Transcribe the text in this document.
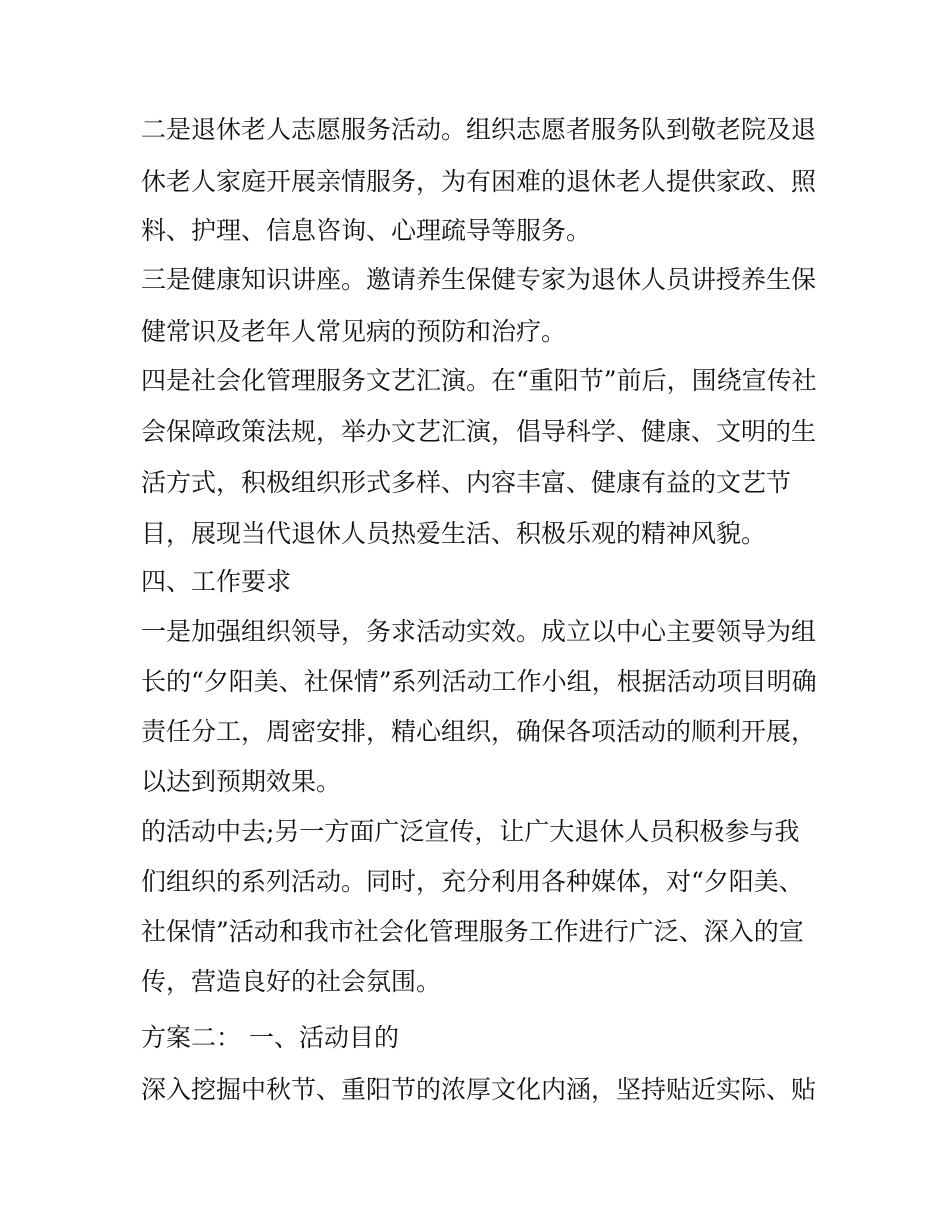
二是退休老人志愿服务活动。组织志愿者服务队到敬老院及退
休老人家庭开展亲情服务，为有困难的退休老人提供家政、照
料、护理、信息咨询、心理疏导等服务。
三是健康知识讲座。邀请养生保健专家为退休人员讲授养生保
健常识及老年人常见病的预防和治疗。
四是社会化管理服务文艺汇演。在“重阳节”前后，围绕宣传社
会保障政策法规，举办文艺汇演，倡导科学、健康、文明的生
活方式，积极组织形式多样、内容丰富、健康有益的文艺节
目，展现当代退休人员热爱生活、积极乐观的精神风貌。
四、工作要求
一是加强组织领导，务求活动实效。成立以中心主要领导为组
长的“夕阳美、社保情”系列活动工作小组，根据活动项目明确
责任分工，周密安排，精心组织，确保各项活动的顺利开展，
以达到预期效果。
的活动中去;另一方面广泛宣传，让广大退休人员积极参与我
们组织的系列活动。同时，充分利用各种媒体，对“夕阳美、
社保情”活动和我市社会化管理服务工作进行广泛、深入的宣
传，营造良好的社会氛围。
方案二： 一、活动目的
深入挖掘中秋节、重阳节的浓厚文化内涵，坚持贴近实际、贴
